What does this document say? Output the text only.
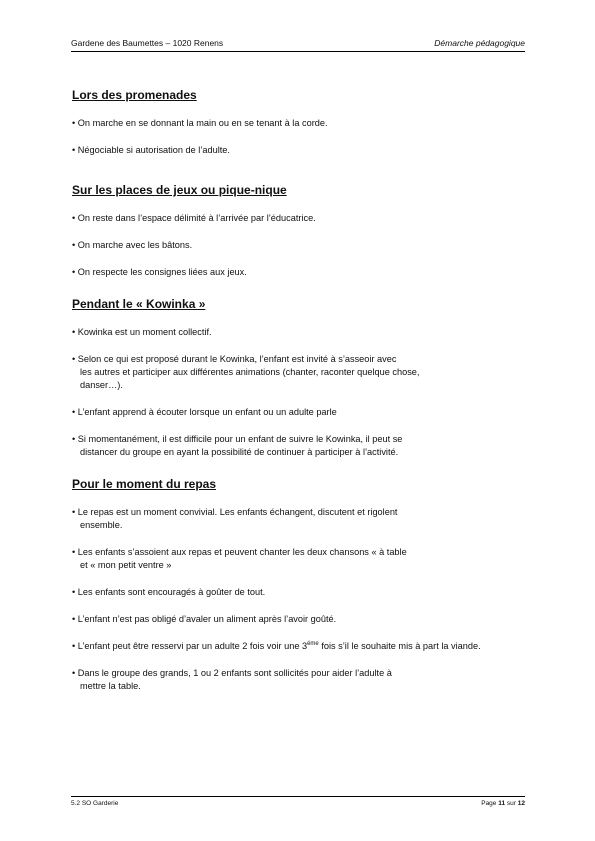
Gardene des Baumettes – 1020 Renens	Démarche pédagogique
Lors des promenades
• On marche en se donnant la main ou en se tenant à la corde.
• Négociable si autorisation de l’adulte.
Sur les places de jeux ou pique-nique
• On reste dans l’espace délimité à l’arrivée par l’éducatrice.
• On marche avec les bâtons.
• On respecte les consignes liées aux jeux.
Pendant le « Kowinka »
• Kowinka est un moment collectif.
• Selon ce qui est proposé durant le Kowinka, l’enfant est invité à s’asseoir avec
les autres et participer aux différentes animations (chanter, raconter quelque chose,
danser…).
• L’enfant apprend à écouter lorsque un enfant ou un adulte parle
• Si momentanément, il est difficile pour un enfant de suivre le Kowinka, il peut se
distancer du groupe en ayant la possibilité de continuer à participer à l’activité.
Pour le moment du repas
• Le repas est un moment convivial. Les enfants échangent, discutent et rigolent
ensemble.
• Les enfants s’assoient aux repas et peuvent chanter les deux chansons « à table
et « mon petit ventre »
• Les enfants sont encouragés à goûter de tout.
• L’enfant n’est pas obligé d’avaler un aliment après l’avoir goûté.
• L’enfant peut être resservi par un adulte 2 fois voir une $3^{éme}$ fois s’il le souhaite mis à part la viande.
• Dans le groupe des grands, 1 ou 2 enfants sont sollicités pour aider l’adulte à
mettre la table.
5.2 SO Garderie	Page 11 sur 12
